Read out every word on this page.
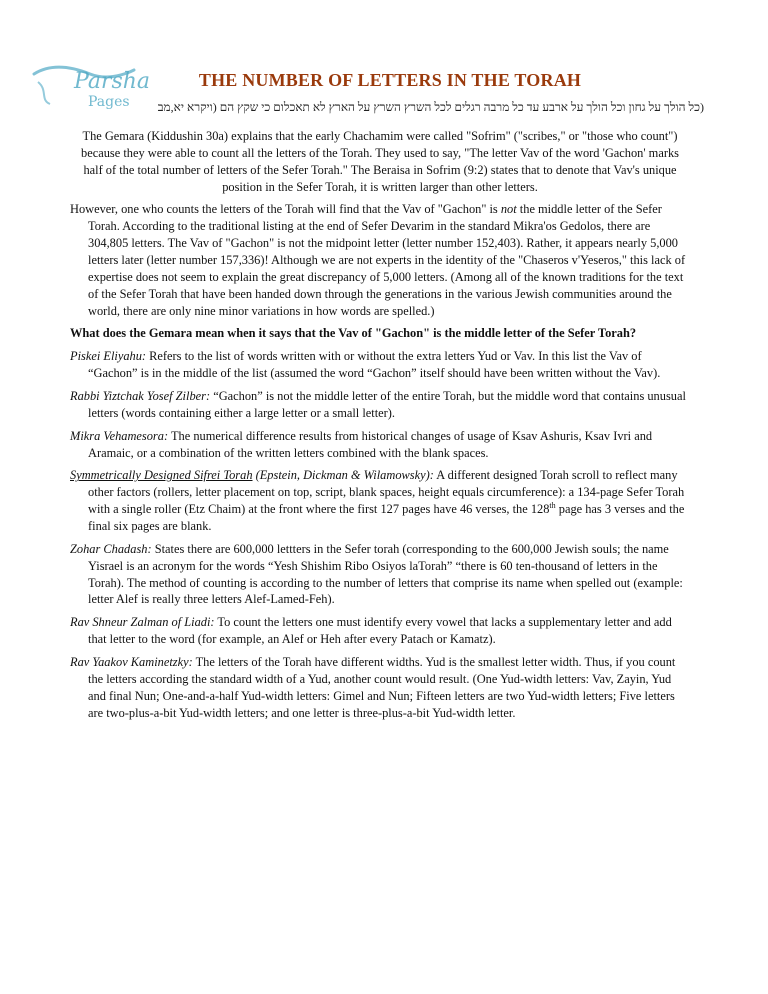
Parsha
Pages
THE NUMBER OF LETTERS IN THE TORAH
(כל הולך על גחון וכל הולך על ארבע עד כל מרבה רגלים לכל השרץ השרץ על הארץ לא תאכלום כי שקץ הם (ויקרא יא,מב

The Gemara (Kiddushin 30a) explains that the early Chachamim were called "Sofrim" ("scribes," or "those who count") because they were able to count all the letters of the Torah. They used to say, "The letter Vav of the word 'Gachon' marks half of the total number of letters of the Sefer Torah." The Beraisa in Sofrim (9:2) states that to denote that Vav's unique position in the Sefer Torah, it is written larger than other letters.

However, one who counts the letters of the Torah will find that the Vav of "Gachon" is not the middle letter of the Sefer Torah. According to the traditional listing at the end of Sefer Devarim in the standard Mikra'os Gedolos, there are 304,805 letters. The Vav of "Gachon" is not the midpoint letter (letter number 152,403). Rather, it appears nearly 5,000 letters later (letter number 157,336)! Although we are not experts in the identity of the "Chaseros v'Yeseros," this lack of expertise does not seem to explain the great discrepancy of 5,000 letters. (Among all of the known traditions for the text of the Sefer Torah that have been handed down through the generations in the various Jewish communities around the world, there are only nine minor variations in how words are spelled.)

What does the Gemara mean when it says that the Vav of "Gachon" is the middle letter of the Sefer Torah?

Piskei Eliyahu: Refers to the list of words written with or without the extra letters Yud or Vav. In this list the Vav of “Gachon” is in the middle of the list (assumed the word “Gachon” itself should have been written without the Vav).

Rabbi Yiztchak Yosef Zilber: “Gachon” is not the middle letter of the entire Torah, but the middle word that contains unusual letters (words containing either a large letter or a small letter).

Mikra Vehamesora: The numerical difference results from historical changes of usage of Ksav Ashuris, Ksav Ivri and Aramaic, or a combination of the written letters combined with the blank spaces.

Symmetrically Designed Sifrei Torah (Epstein, Dickman & Wilamowsky): A different designed Torah scroll to reflect many other factors (rollers, letter placement on top, script, blank spaces, height equals circumference): a 134-page Sefer Torah with a single roller (Etz Chaim) at the front where the first 127 pages have 46 verses, the 128th page has 3 verses and the final six pages are blank.

Zohar Chadash: States there are 600,000 lettters in the Sefer torah (corresponding to the 600,000 Jewish souls; the name Yisrael is an acronym for the words “Yesh Shishim Ribo Osiyos laTorah” “there is 60 ten-thousand of letters in the Torah). The method of counting is according to the number of letters that comprise its name when spelled out (example: letter Alef is really three letters Alef-Lamed-Feh).

Rav Shneur Zalman of Liadi: To count the letters one must identify every vowel that lacks a supplementary letter and add that letter to the word (for example, an Alef or Heh after every Patach or Kamatz).

Rav Yaakov Kaminetzky: The letters of the Torah have different widths. Yud is the smallest letter width. Thus, if you count the letters according the standard width of a Yud, another count would result. (One Yud-width letters: Vav, Zayin, Yud and final Nun; One-and-a-half Yud-width letters: Gimel and Nun; Fifteen letters are two Yud-width letters; Five letters are two-plus-a-bit Yud-width letters; and one letter is three-plus-a-bit Yud-width letter.
